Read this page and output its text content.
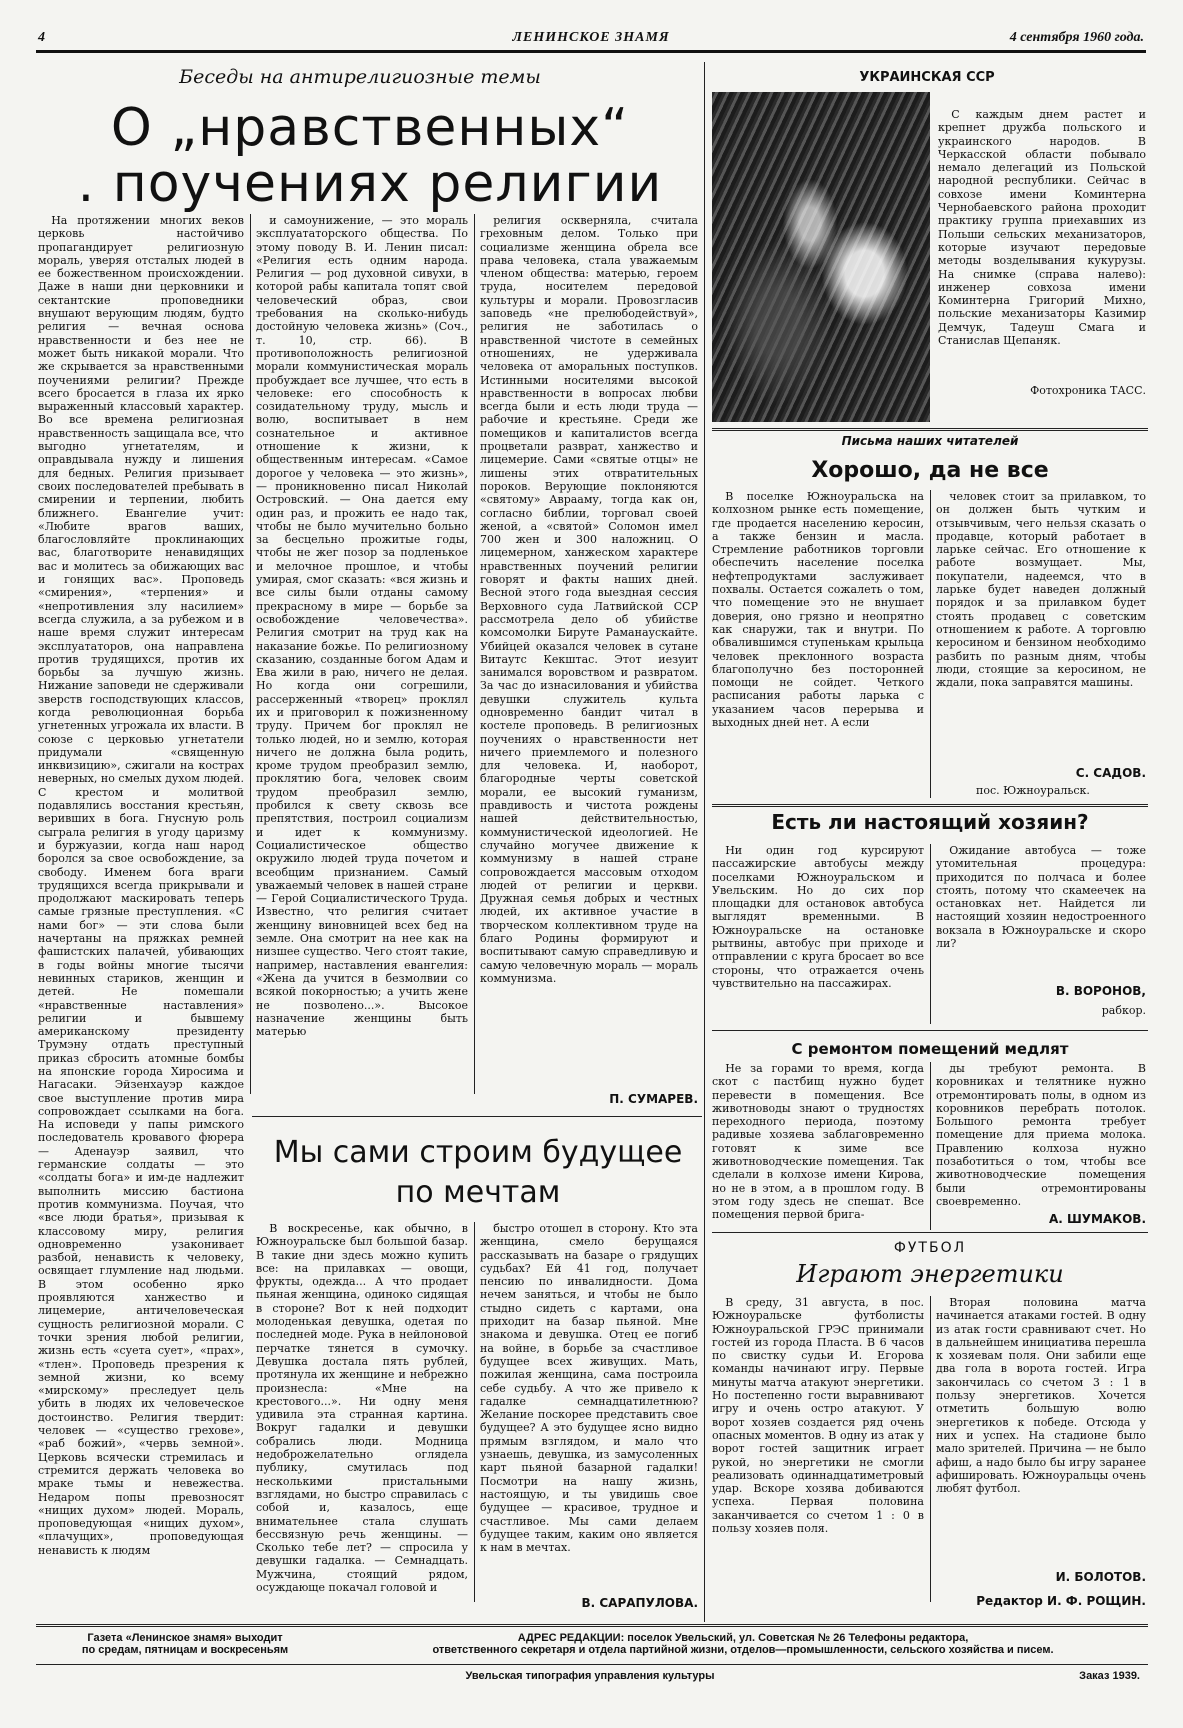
4	ЛЕНИНСКОЕ ЗНАМЯ	4 сентября 1960 года.
Беседы на антирелигиозные темы
О „нравственных“
. поучениях религии

На протяжении многих веков церковь настойчиво пропагандирует религиозную мораль, уверяя отсталых людей в ее божественном происхождении. Даже в наши дни церковники и сектантские проповедники внушают верующим людям, будто религия — вечная основа нравственности и без нее не может быть никакой морали. Что же скрывается за нравственными поучениями религии? Прежде всего бросается в глаза их ярко выраженный классовый характер. Во все времена религиозная нравственность защищала все, что выгодно угнетателям, и оправдывала нужду и лишения для бедных. Религия призывает своих последователей пребывать в смирении и терпении, любить ближнего. Евангелие учит: «Любите врагов ваших, благословляйте проклинающих вас, благотворите ненавидящих вас и молитесь за обижающих вас и гонящих вас». Проповедь «смирения», «терпения» и «непротивления злу насилием» всегда служила, а за рубежом и в наше время служит интересам эксплуататоров, она направлена против трудящихся, против их борьбы за лучшую жизнь. Нижание заповеди не сдерживали зверств господствующих классов, когда революционная борьба угнетенных угрожала их власти. В союзе с церковью угнетатели придумали «священную инквизицию», сжигали на кострах неверных, но смелых духом людей. С крестом и молитвой подавлялись восстания крестьян, веривших в бога. Гнусную роль сыграла религия в угоду царизму и буржуазии, когда наш народ боролся за свое освобождение, за свободу. Именем бога враги трудящихся всегда прикрывали и продолжают маскировать теперь самые грязные преступления. «С нами бог» — эти слова были начертаны на пряжках ремней фашистских палачей, убивающих в годы войны многие тысячи невинных стариков, женщин и детей. Не помешали «нравственные наставления» религии и бывшему американскому президенту Трумэну отдать преступный приказ сбросить атомные бомбы на японские города Хиросима и Нагасаки. Эйзенхауэр каждое свое выступление против мира сопровождает ссылками на бога. На исповеди у папы римского последователь кровавого фюрера — Аденауэр заявил, что германские солдаты — это «солдаты бога» и им-де надлежит выполнить миссию бастиона против коммунизма. Поучая, что «все люди братья», призывая к классовому миру, религия одновременно узаконивает разбой, ненависть к человеку, освящает глумление над людьми. В этом особенно ярко проявляются ханжество и лицемерие, античеловеческая сущность религиозной морали. С точки зрения любой религии, жизнь есть «суета сует», «прах», «тлен». Проповедь презрения к земной жизни, ко всему «мирскому» преследует цель убить в людях их человеческое достоинство. Религия твердит: человек — «существо грехове», «раб божий», «червь земной». Церковь всячески стремилась и стремится держать человека во мраке тьмы и невежества. Недаром попы превозносят «нищих духом» людей. Мораль, проповедующая «нищих духом», «плачущих», проповедующая ненависть к людям

и самоунижение, — это мораль эксплуататорского общества. По этому поводу В. И. Ленин писал: «Религия есть одним народа. Религия — род духовной сивухи, в которой рабы капитала топят свой человеческий образ, свои требования на сколько-нибудь достойную человека жизнь» (Соч., т. 10, стр. 66). В противоположность религиозной морали коммунистическая мораль пробуждает все лучшее, что есть в человеке: его способность к созидательному труду, мысль и волю, воспитывает в нем сознательное и активное отношение к жизни, к общественным интересам. «Самое дорогое у человека — это жизнь», — проникновенно писал Николай Островский. — Она дается ему один раз, и прожить ее надо так, чтобы не было мучительно больно за бесцельно прожитые годы, чтобы не жег позор за подленькое и мелочное прошлое, и чтобы умирая, смог сказать: «вся жизнь и все силы были отданы самому прекрасному в мире — борьбе за освобождение человечества». Религия смотрит на труд как на наказание божье. По религиозному сказанию, созданные богом Адам и Ева жили в раю, ничего не делая. Но когда они согрешили, рассерженный «творец» проклял их и приговорил к пожизненному труду. Причем бог проклял не только людей, но и землю, которая ничего не должна была родить, кроме трудом преобразил землю, проклятию бога, человек своим трудом преобразил землю, пробился к свету сквозь все препятствия, построил социализм и идет к коммунизму. Социалистическое общество окружило людей труда почетом и всеобщим признанием. Самый уважаемый человек в нашей стране — Герой Социалистического Труда. Известно, что религия считает женщину виновницей всех бед на земле. Она смотрит на нее как на низшее существо. Чего стоят такие, например, наставления евангелия: «Жена да учится в безмолвии со всякой покорностью; а учить жене не позволено...». Высокое назначение женщины быть матерью

религия оскверняла, считала греховным делом. Только при социализме женщина обрела все права человека, стала уважаемым членом общества: матерью, героем труда, носителем передовой культуры и морали. Провозгласив заповедь «не прелюбодействуй», религия не заботилась о нравственной чистоте в семейных отношениях, не удерживала человека от аморальных поступков. Истинными носителями высокой нравственности в вопросах любви всегда были и есть люди труда — рабочие и крестьяне. Среди же помещиков и капиталистов всегда процветали разврат, ханжество и лицемерие. Сами «святые отцы» не лишены этих отвратительных пороков. Верующие поклоняются «святому» Аврааму, тогда как он, согласно библии, торговал своей женой, а «святой» Соломон имел 700 жен и 300 наложниц. О лицемерном, ханжеском характере нравственных поучений религии говорят и факты наших дней. Весной этого года выездная сессия Верховного суда Латвийской ССР рассмотрела дело об убийстве комсомолки Бируте Раманаускайте. Убийцей оказался человек в сутане Витаутс Кекштас. Этот иезуит занимался воровством и развратом. За час до изнасилования и убийства девушки служитель культа одновременно бандит читал в костеле проповедь. В религиозных поучениях о нравственности нет ничего приемлемого и полезного для человека. И, наоборот, благородные черты советской морали, ее высокий гуманизм, правдивость и чистота рождены нашей действительностью, коммунистической идеологией. Не случайно могучее движение к коммунизму в нашей стране сопровождается массовым отходом людей от религии и церкви. Дружная семья добрых и честных людей, их активное участие в творческом коллективном труде на благо Родины формируют и воспитывают самую справедливую и самую человечную мораль — мораль коммунизма.

П. СУМАРЕВ.
Мы сами строим будущее
по мечтам

В воскресенье, как обычно, в Южноуральске был большой базар. В такие дни здесь можно купить все: на прилавках — овощи, фрукты, одежда... А что продает пьяная женщина, одиноко сидящая в стороне? Вот к ней подходит молоденькая девушка, одетая по последней моде. Рука в нейлоновой перчатке тянется в сумочку. Девушка достала пять рублей, протянула их женщине и небрежно произнесла: «Мне на крестового...». Ни одну меня удивила эта странная картина. Вокруг гадалки и девушки собрались люди. Модница недоброжелательно оглядела публику, смутилась под несколькими пристальными взглядами, но быстро справилась с собой и, казалось, еще внимательнее стала слушать бессвязную речь женщины. — Сколько тебе лет? — спросила у девушки гадалка. — Семнадцать. Мужчина, стоящий рядом, осуждающе покачал головой и

быстро отошел в сторону. Кто эта женщина, смело берущаяся рассказывать на базаре о грядущих судьбах? Ей 41 год, получает пенсию по инвалидности. Дома нечем заняться, и чтобы не было стыдно сидеть с картами, она приходит на базар пьяной. Мне знакома и девушка. Отец ее погиб на войне, в борьбе за счастливое будущее всех живущих. Мать, пожилая женщина, сама построила себе судьбу. А что же привело к гадалке семнадцатилетнюю? Желание поскорее представить свое будущее? А это будущее ясно видно прямым взглядом, и мало что узнаешь, девушка, из замусоленных карт пьяной базарной гадалки! Посмотри на нашу жизнь, настоящую, и ты увидишь свое будущее — красивое, трудное и счастливое. Мы сами делаем будущее таким, каким оно является к нам в мечтах.

В. САРАПУЛОВА.
УКРАИНСКАЯ ССР

С каждым днем растет и крепнет дружба польского и украинского народов. В Черкасской области побывало немало делегаций из Польской народной республики. Сейчас в совхозе имени Коминтерна Чернобаевского района проходит практику группа приехавших из Польши сельских механизаторов, которые изучают передовые методы возделывания кукурузы. На снимке (справа налево): инженер совхоза имени Коминтерна Григорий Михно, польские механизаторы Казимир Демчук, Тадеуш Смага и Станислав Щепаняк.

Фотохроника ТАСС.
Письма наших читателей
Хорошо, да не все

В поселке Южноуральска на колхозном рынке есть помещение, где продается населению керосин, а также бензин и масла. Стремление работников торговли обеспечить население поселка нефтепродуктами заслуживает похвалы. Остается сожалеть о том, что помещение это не внушает доверия, оно грязно и неопрятно как снаружи, так и внутри. По обвалившимся ступенькам крыльца человек преклонного возраста благополучно без посторонней помощи не сойдет. Четкого расписания работы ларька с указанием часов перерыва и выходных дней нет. А если

человек стоит за прилавком, то он должен быть чутким и отзывчивым, чего нельзя сказать о продавце, который работает в ларьке сейчас. Его отношение к работе возмущает. Мы, покупатели, надеемся, что в ларьке будет наведен должный порядок и за прилавком будет стоять продавец с советским отношением к работе. А торговлю керосином и бензином необходимо разбить по разным дням, чтобы люди, стоящие за керосином, не ждали, пока заправятся машины.

С. САДОВ.
пос. Южноуральск.
Есть ли настоящий хозяин?

Ни один год курсируют пассажирские автобусы между поселками Южноуральском и Увельским. Но до сих пор площадки для остановок автобуса выглядят временными. В Южноуральске на остановке рытвины, автобус при приходе и отправлении с круга бросает во все стороны, что отражается очень чувствительно на пассажирах.

Ожидание автобуса — тоже утомительная процедура: приходится по полчаса и более стоять, потому что скамеечек на остановках нет. Найдется ли настоящий хозяин недостроенного вокзала в Южноуральске и скоро ли?

В. ВОРОНОВ,
рабкор.
С ремонтом помещений медлят

Не за горами то время, когда скот с пастбищ нужно будет перевести в помещения. Все животноводы знают о трудностях переходного периода, поэтому радивые хозяева заблаговременно готовят к зиме все животноводческие помещения. Так сделали в колхозе имени Кирова, но не в этом, а в прошлом году. В этом году здесь не спешат. Все помещения первой брига-

ды требуют ремонта. В коровниках и телятнике нужно отремонтировать полы, в одном из коровников перебрать потолок. Большого ремонта требует помещение для приема молока. Правлению колхоза нужно позаботиться о том, чтобы все животноводческие помещения были отремонтированы своевременно.

А. ШУМАКОВ.
ФУТБОЛ
Играют энергетики

В среду, 31 августа, в пос. Южноуральске футболисты Южноуральской ГРЭС принимали гостей из города Пласта. В 6 часов по свистку судьи И. Егорова команды начинают игру. Первые минуты матча атакуют энергетики. Но постепенно гости выравнивают игру и очень остро атакуют. У ворот хозяев создается ряд очень опасных моментов. В одну из атак у ворот гостей защитник играет рукой, но энергетики не смогли реализовать одиннадцатиметровый удар. Вскоре хозява добиваются успеха. Первая половина заканчивается со счетом 1 : 0 в пользу хозяев поля.

Вторая половина матча начинается атаками гостей. В одну из атак гости сравнивают счет. Но в дальнейшем инициатива перешла к хозяевам поля. Они забили еще два гола в ворота гостей. Игра закончилась со счетом 3 : 1 в пользу энергетиков. Хочется отметить большую волю энергетиков к победе. Отсюда у них и успех. На стадионе было мало зрителей. Причина — не было афиш, а надо было бы игру заранее афишировать. Южноуральцы очень любят футбол.

И. БОЛОТОВ.
Редактор И. Ф. РОЩИН.
Газета «Ленинское знамя» выходит
по средам, пятницам и воскресеньям
АДРЕС РЕДАКЦИИ: поселок Увельский, ул. Советская № 26 Телефоны редактора,
ответственного секретаря и отдела партийной жизни, отделов—промышленности, сельского хозяйства и писем.
Увельская типография управления культуры	Заказ 1939.
